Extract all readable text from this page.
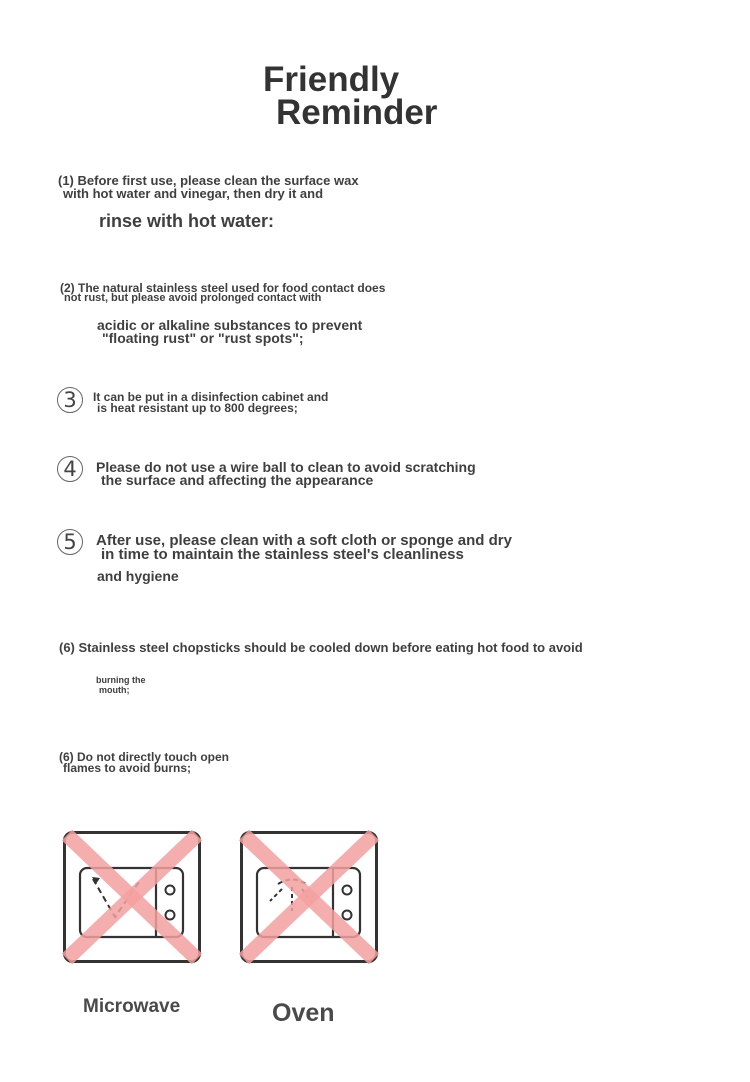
Friendly
Reminder
(1) Before first use, please clean the surface wax
with hot water and vinegar, then dry it and
rinse with hot water:
(2) The natural stainless steel used for food contact does
not rust, but please avoid prolonged contact with
acidic or alkaline substances to prevent
"floating rust" or "rust spots";
3	It can be put in a disinfection cabinet and
is heat resistant up to 800 degrees;
4	Please do not use a wire ball to clean to avoid scratching
the surface and affecting the appearance
5	After use, please clean with a soft cloth or sponge and dry
in time to maintain the stainless steel's cleanliness
and hygiene
(6) Stainless steel chopsticks should be cooled down before eating hot food to avoid
burning the
mouth;
(6) Do not directly touch open
flames to avoid burns;
Microwave	Oven
